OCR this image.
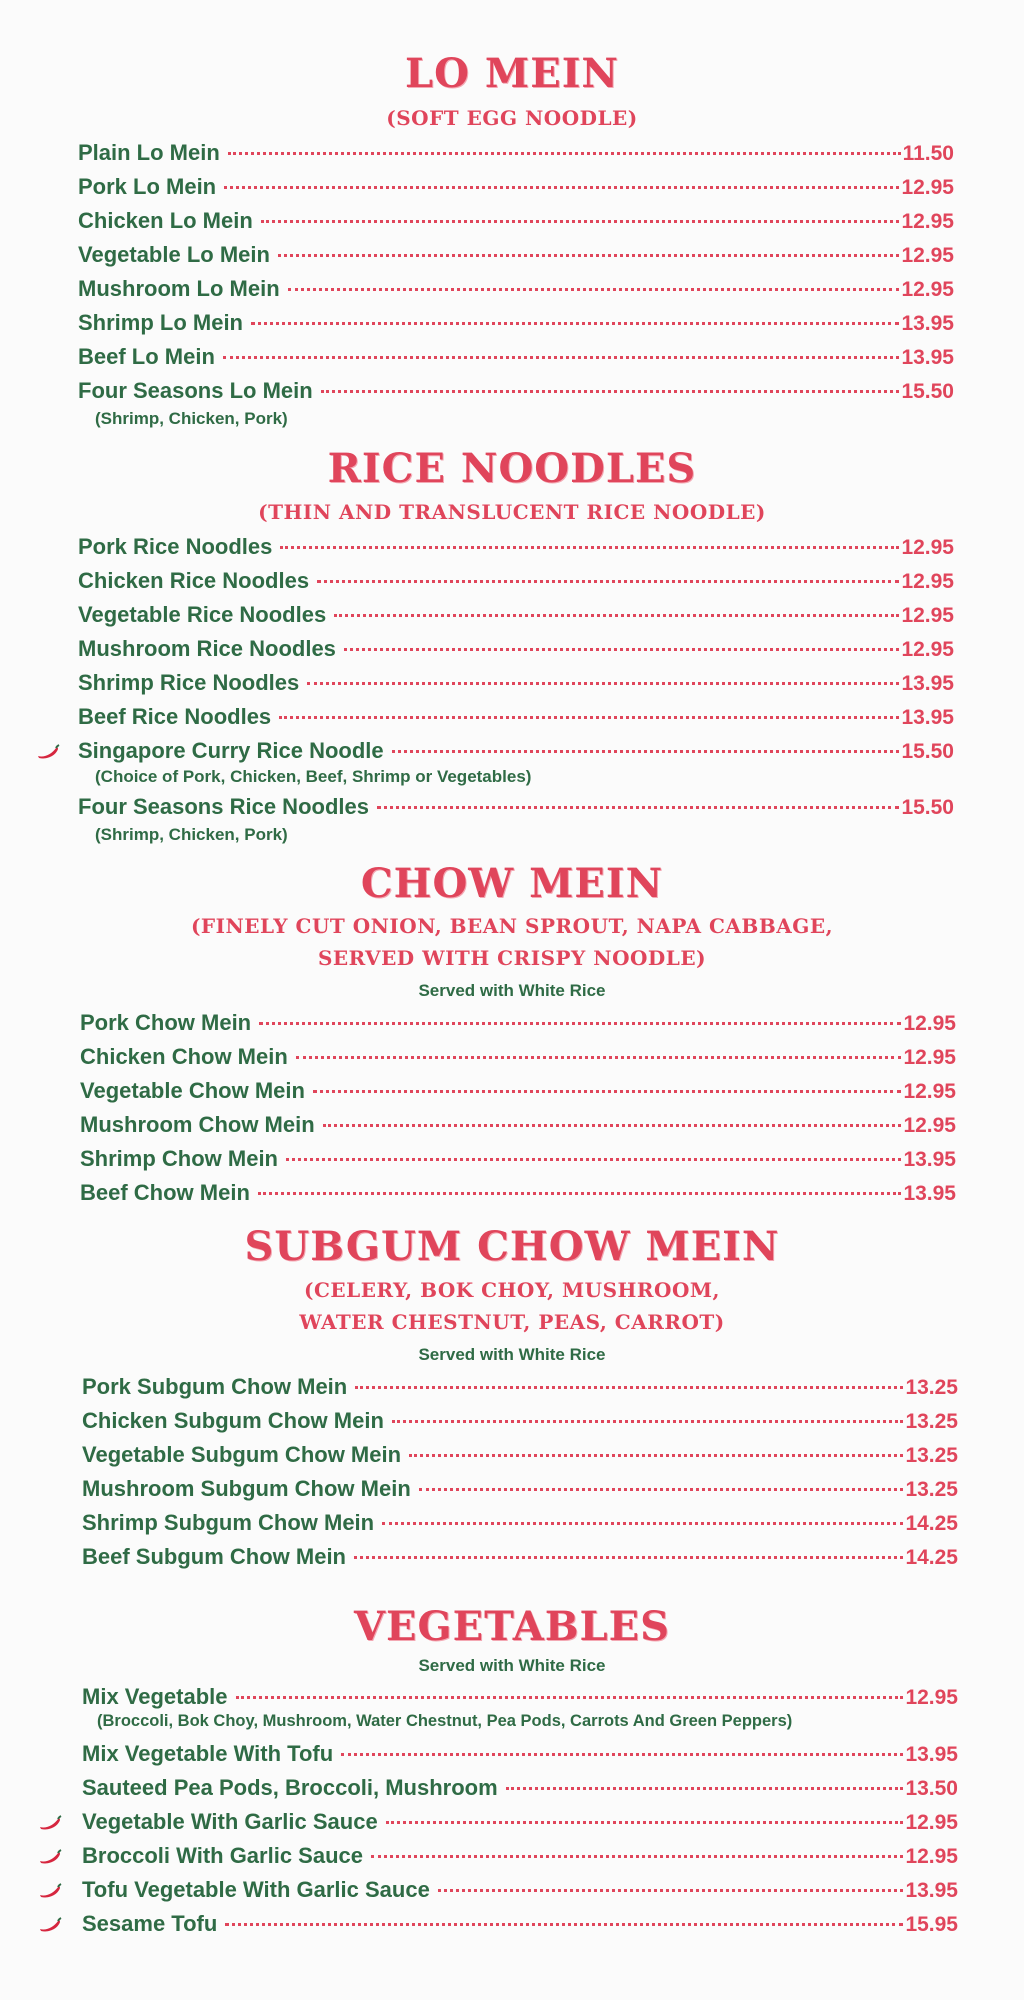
LO MEIN
(SOFT EGG NOODLE)
Plain Lo Mein	11.50
Pork Lo Mein	12.95
Chicken Lo Mein	12.95
Vegetable Lo Mein	12.95
Mushroom Lo Mein	12.95
Shrimp Lo Mein	13.95
Beef Lo Mein	13.95
Four Seasons Lo Mein	15.50
(Shrimp, Chicken, Pork)
RICE NOODLES
(THIN AND TRANSLUCENT RICE NOODLE)
Pork Rice Noodles	12.95
Chicken Rice Noodles	12.95
Vegetable Rice Noodles	12.95
Mushroom Rice Noodles	12.95
Shrimp Rice Noodles	13.95
Beef Rice Noodles	13.95
Singapore Curry Rice Noodle	15.50
(Choice of Pork, Chicken, Beef, Shrimp or Vegetables)
Four Seasons Rice Noodles	15.50
(Shrimp, Chicken, Pork)
CHOW MEIN
(FINELY CUT ONION, BEAN SPROUT, NAPA CABBAGE,
SERVED WITH CRISPY NOODLE)
Served with White Rice
Pork Chow Mein	12.95
Chicken Chow Mein	12.95
Vegetable Chow Mein	12.95
Mushroom Chow Mein	12.95
Shrimp Chow Mein	13.95
Beef Chow Mein	13.95
SUBGUM CHOW MEIN
(CELERY, BOK CHOY, MUSHROOM,
WATER CHESTNUT, PEAS, CARROT)
Served with White Rice
Pork Subgum Chow Mein	13.25
Chicken Subgum Chow Mein	13.25
Vegetable Subgum Chow Mein	13.25
Mushroom Subgum Chow Mein	13.25
Shrimp Subgum Chow Mein	14.25
Beef Subgum Chow Mein	14.25
VEGETABLES
Served with White Rice
Mix Vegetable	12.95
(Broccoli, Bok Choy, Mushroom, Water Chestnut, Pea Pods, Carrots And Green Peppers)
Mix Vegetable With Tofu	13.95
Sauteed Pea Pods, Broccoli, Mushroom	13.50
Vegetable With Garlic Sauce	12.95
Broccoli With Garlic Sauce	12.95
Tofu Vegetable With Garlic Sauce	13.95
Sesame Tofu	15.95
